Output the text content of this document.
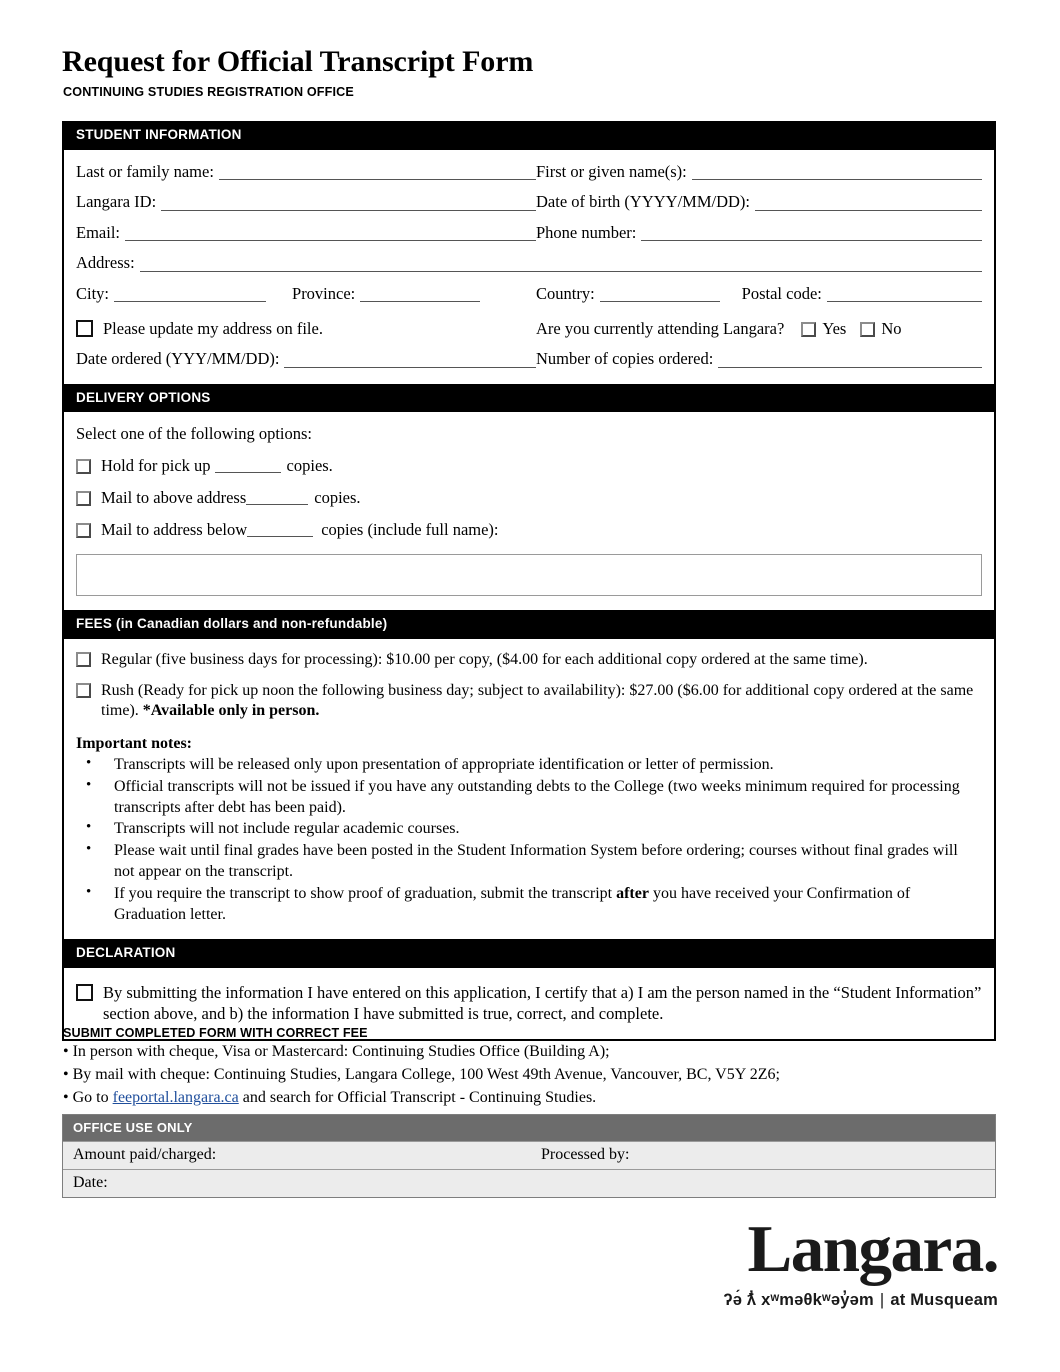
Request for Official Transcript Form
CONTINUING STUDIES REGISTRATION OFFICE
STUDENT INFORMATION
Last or family name:	First or given name(s):
Langara ID:	Date of birth (YYYY/MM/DD):
Email:	Phone number:
Address:
City:	Province:	Country:	Postal code:
Please update my address on file.	Are you currently attending Langara?	Yes	No
Date ordered (YYY/MM/DD):	Number of copies ordered:
DELIVERY OPTIONS
Select one of the following options:
Hold for pick up	copies.
Mail to above address	copies.
Mail to address below	copies (include full name):
FEES (in Canadian dollars and non-refundable)
Regular (five business days for processing): $10.00 per copy, ($4.00 for each additional copy ordered at the same time).
Rush (Ready for pick up noon the following business day; subject to availability): $27.00 ($6.00 for additional copy ordered at the same time). *Available only in person.
Important notes:
• Transcripts will be released only upon presentation of appropriate identification or letter of permission.
• Official transcripts will not be issued if you have any outstanding debts to the College (two weeks minimum required for processing transcripts after debt has been paid).
• Transcripts will not include regular academic courses.
• Please wait until final grades have been posted in the Student Information System before ordering; courses without final grades will not appear on the transcript.
• If you require the transcript to show proof of graduation, submit the transcript after you have received your Confirmation of Graduation letter.
DECLARATION
By submitting the information I have entered on this application, I certify that a) I am the person named in the “Student Information” section above, and b) the information I have submitted is true, correct, and complete.
SUBMIT COMPLETED FORM WITH CORRECT FEE
• In person with cheque, Visa or Mastercard: Continuing Studies Office (Building A);
• By mail with cheque: Continuing Studies, Langara College, 100 West 49th Avenue, Vancouver, BC, V5Y 2Z6;
• Go to feeportal.langara.ca and search for Official Transcript - Continuing Studies.
OFFICE USE ONLY
Amount paid/charged:	Processed by:
Date:
Langara.
ʔə́ ƛ̓ xʷməθkʷəy̓əm | at Musqueam
